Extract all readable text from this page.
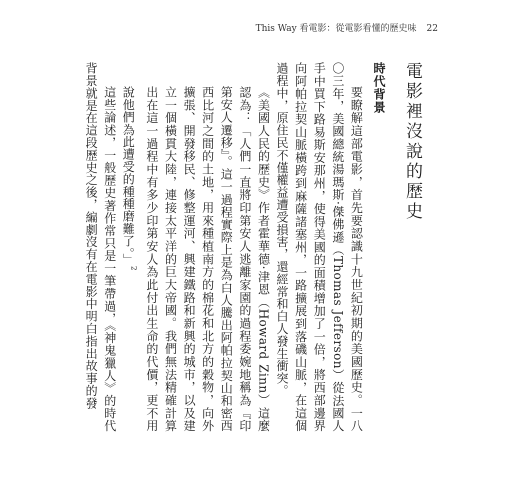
This Way 看電影：從電影看懂的歷史味 22
電影裡沒說的歷史
時代背景

要瞭解這部電影，首先要認識十九世紀初期的美國歷史。一八〇三年，美國總統湯瑪斯·傑佛遜（Thomas Jefferson）從法國人手中買下路易斯安那州，使得美國的面積增加了一倍，將西部邊界向阿帕拉契山脈橫跨到麻薩諸塞州，一路擴展到落磯山脈，在這個過程中，原住民不僅權益遭受損害，還經常和白人發生衝突。

《美國人民的歷史》作者霍華德·津恩（Howard Zinn）這麼認為：「人們一直將印第安人逃離家園的過程委婉地稱為『印第安人遷移』。這一過程實際上是為白人騰出阿帕拉契山和密西西比河之間的土地，用來種植南方的棉花和北方的穀物，向外擴張、開發移民、修整運河、興建鐵路和新興的城市，以及建立一個橫貫大陸，連接太平洋的巨大帝國。我們無法精確計算出在這一過程中有多少印第安人為此付出生命的代價，更不用說他們為此遭受的種種磨難了。」$^2$

這些論述，一般歷史著作常只是一筆帶過，《神鬼獵人》的時代背景就是在這段歷史之後，編劇沒有在電影中明白指出故事的發
